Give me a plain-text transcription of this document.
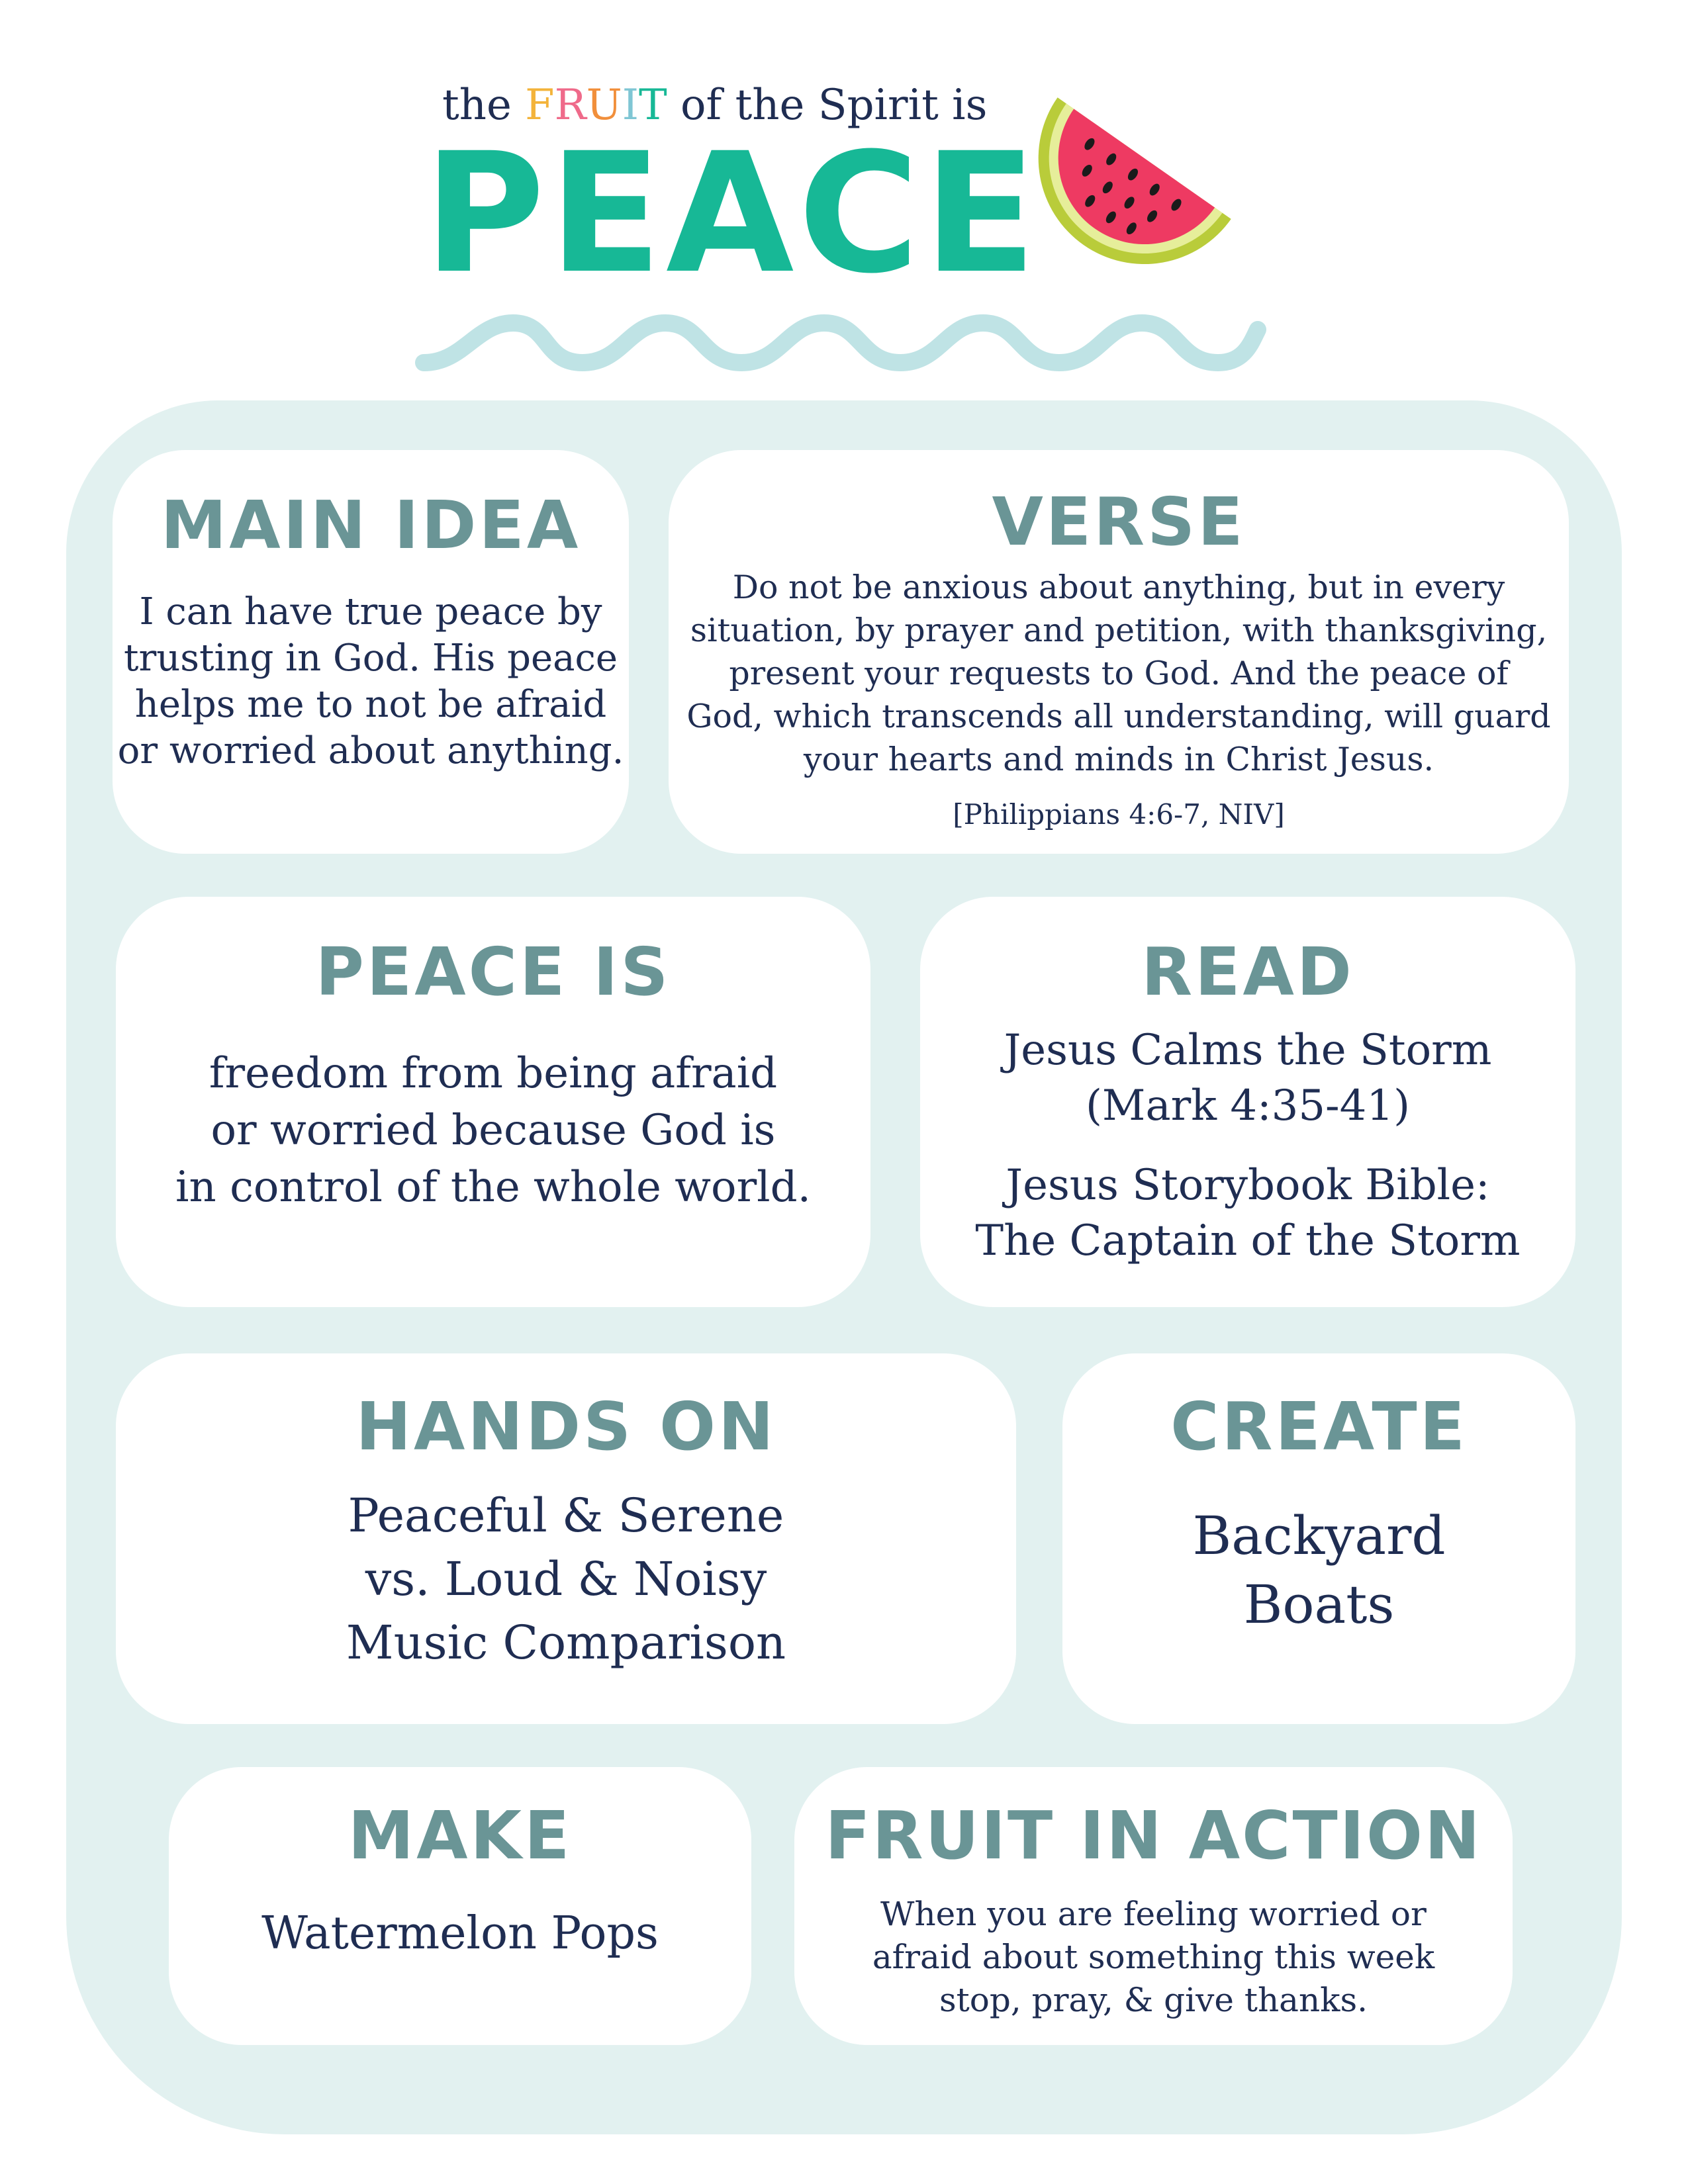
the FRUIT of the Spirit is
PEACE
MAIN IDEA

I can have true peace by

trusting in God. His peace

helps me to not be afraid

or worried about anything.

VERSE

Do not be anxious about anything, but in every

situation, by prayer and petition, with thanksgiving,

present your requests to God. And the peace of

God, which transcends all understanding, will guard

your hearts and minds in Christ Jesus.

[Philippians 4:6-7, NIV]

PEACE IS

freedom from being afraid

or worried because God is

in control of the whole world.

READ

Jesus Calms the Storm

(Mark 4:35-41)

Jesus Storybook Bible:

The Captain of the Storm

HANDS ON

Peaceful & Serene

vs. Loud & Noisy

Music Comparison

CREATE

Backyard

Boats

MAKE

Watermelon Pops

FRUIT IN ACTION

When you are feeling worried or

afraid about something this week

stop, pray, & give thanks.
